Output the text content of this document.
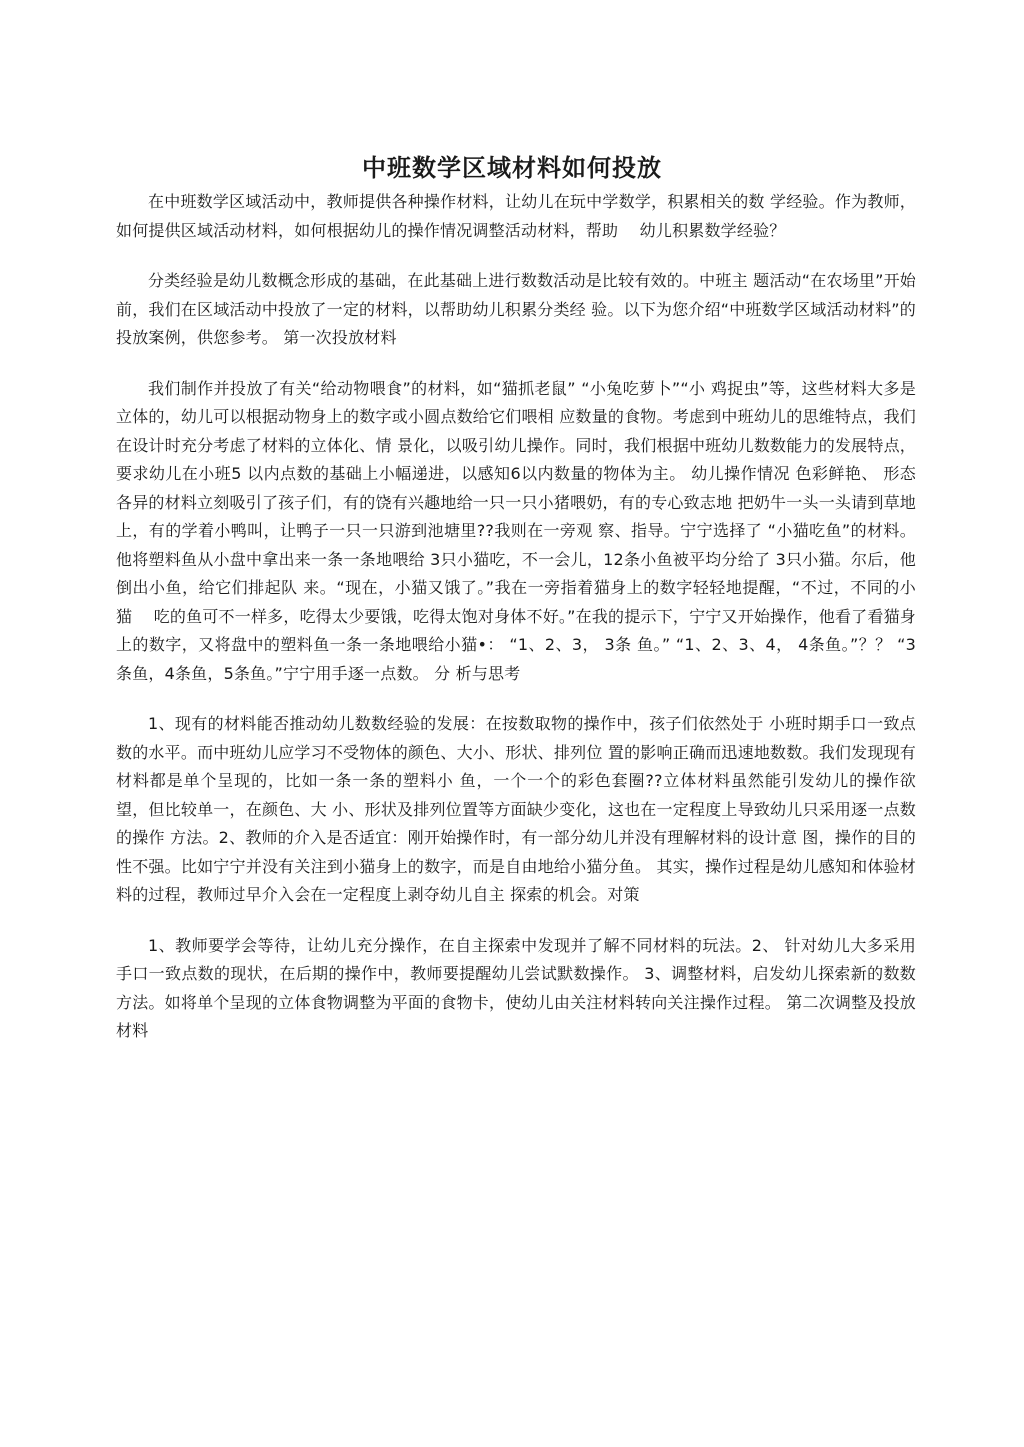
中班数学区域材料如何投放

在中班数学区域活动中，教师提供各种操作材料，让幼儿在玩中学数学，积累相关的数 学经验。作为教师，如何提供区域活动材料，如何根据幼儿的操作情况调整活动材料，帮助　 幼儿积累数学经验？

分类经验是幼儿数概念形成的基础，在此基础上进行数数活动是比较有效的。中班主 题活动“在农场里”开始前，我们在区域活动中投放了一定的材料，以帮助幼儿积累分类经 验。以下为您介绍“中班数学区域活动材料”的投放案例，供您参考。 第一次投放材料

我们制作并投放了有关“给动物喂食”的材料，如“猫抓老鼠” “小兔吃萝卜”“小 鸡捉虫”等，这些材料大多是立体的，幼儿可以根据动物身上的数字或小圆点数给它们喂相 应数量的食物。考虑到中班幼儿的思维特点，我们在设计时充分考虑了材料的立体化、情 景化，以吸引幼儿操作。同时，我们根据中班幼儿数数能力的发展特点，要求幼儿在小班5 以内点数的基础上小幅递进，以感知6以内数量的物体为主。 幼儿操作情况 色彩鲜艳、 形态各异的材料立刻吸引了孩子们，有的饶有兴趣地给一只一只小猪喂奶，有的专心致志地 把奶牛一头一头请到草地上，有的学着小鸭叫，让鸭子一只一只游到池塘里??我则在一旁观 察、指导。宁宁选择了 “小猫吃鱼”的材料。他将塑料鱼从小盘中拿出来一条一条地喂给 3只小猫吃，不一会儿，12条小鱼被平均分给了 3只小猫。尔后，他倒出小鱼，给它们排起队 来。“现在，小猫又饿了。”我在一旁指着猫身上的数字轻轻地提醒，“不过，不同的小猫　 吃的鱼可不一样多，吃得太少要饿，吃得太饱对身体不好。”在我的提示下，宁宁又开始操作，他看了看猫身上的数字，又将盘中的塑料鱼一条一条地喂给小猫•： “1、2、3， 3条 鱼。” “1、2、3、4， 4条鱼。”？？ “3条鱼，4条鱼，5条鱼。”宁宁用手逐一点数。 分 析与思考

1、现有的材料能否推动幼儿数数经验的发展：在按数取物的操作中，孩子们依然处于 小班时期手口一致点数的水平。而中班幼儿应学习不受物体的颜色、大小、形状、排列位 置的影响正确而迅速地数数。我们发现现有材料都是单个呈现的，比如一条一条的塑料小 鱼，一个一个的彩色套圈??立体材料虽然能引发幼儿的操作欲望，但比较单一，在颜色、大 小、形状及排列位置等方面缺少变化，这也在一定程度上导致幼儿只采用逐一点数的操作 方法。2、教师的介入是否适宜：刚开始操作时，有一部分幼儿并没有理解材料的设计意 图，操作的目的性不强。比如宁宁并没有关注到小猫身上的数字，而是自由地给小猫分鱼。 其实，操作过程是幼儿感知和体验材料的过程，教师过早介入会在一定程度上剥夺幼儿自主 探索的机会。对策

1、教师要学会等待，让幼儿充分操作，在自主探索中发现并了解不同材料的玩法。2、 针对幼儿大多采用手口一致点数的现状，在后期的操作中，教师要提醒幼儿尝试默数操作。 3、调整材料，启发幼儿探索新的数数方法。如将单个呈现的立体食物调整为平面的食物卡，使幼儿由关注材料转向关注操作过程。 第二次调整及投放材料
